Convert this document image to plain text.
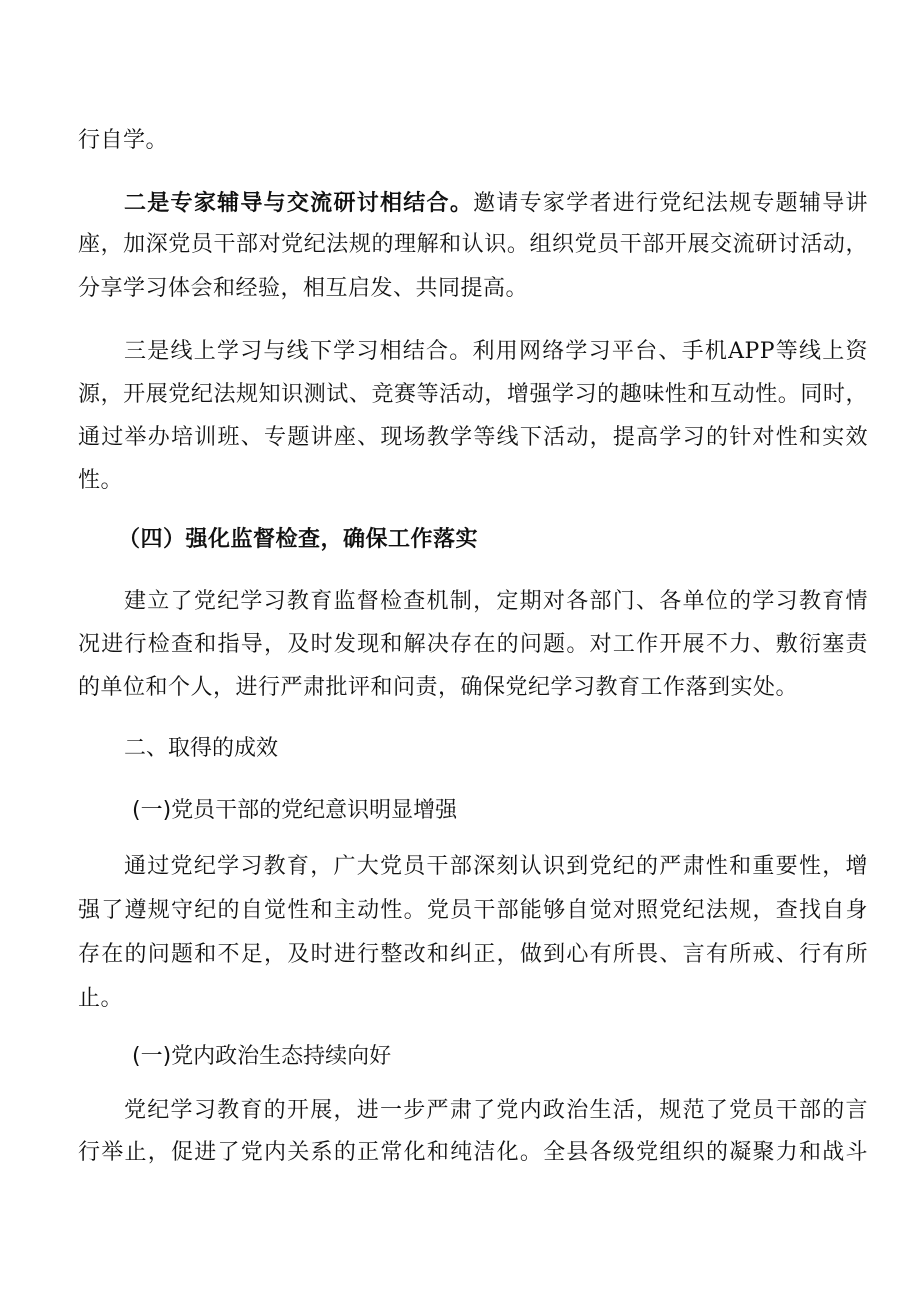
行自学。
二是专家辅导与交流研讨相结合。邀请专家学者进行党纪法规专题辅导讲
座，加深党员干部对党纪法规的理解和认识。组织党员干部开展交流研讨活动，
分享学习体会和经验，相互启发、共同提高。
三是线上学习与线下学习相结合。利用网络学习平台、手机APP等线上资
源，开展党纪法规知识测试、竞赛等活动，增强学习的趣味性和互动性。同时，
通过举办培训班、专题讲座、现场教学等线下活动，提高学习的针对性和实效
性。
（四）强化监督检查，确保工作落实
建立了党纪学习教育监督检查机制，定期对各部门、各单位的学习教育情
况进行检查和指导，及时发现和解决存在的问题。对工作开展不力、敷衍塞责
的单位和个人，进行严肃批评和问责，确保党纪学习教育工作落到实处。
二、取得的成效
(一)党员干部的党纪意识明显增强
通过党纪学习教育，广大党员干部深刻认识到党纪的严肃性和重要性，增
强了遵规守纪的自觉性和主动性。党员干部能够自觉对照党纪法规，查找自身
存在的问题和不足，及时进行整改和纠正，做到心有所畏、言有所戒、行有所
止。
(一)党内政治生态持续向好
党纪学习教育的开展，进一步严肃了党内政治生活，规范了党员干部的言
行举止，促进了党内关系的正常化和纯洁化。全县各级党组织的凝聚力和战斗
